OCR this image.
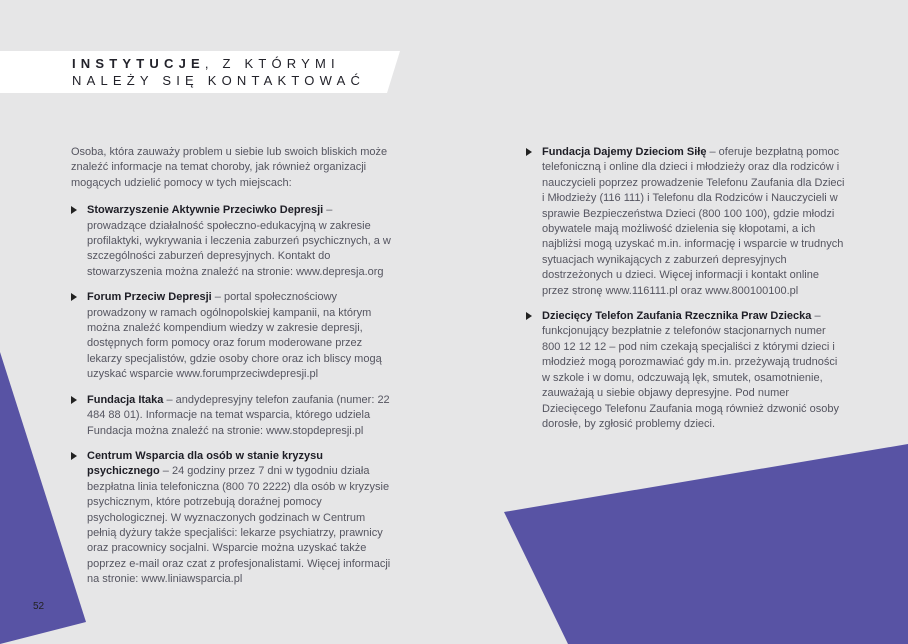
INSTYTUCJE, Z KTÓRYMI
NALEŻY SIĘ KONTAKTOWAĆ

Osoba, która zauważy problem u siebie lub swoich bliskich może znaleźć informacje na temat choroby, jak również organizacji mogących udzielić pomocy w tych miejscach:

Stowarzyszenie Aktywnie Przeciwko Depresji – prowadzące działalność społeczno-edukacyjną w zakresie profilaktyki, wykrywania i leczenia zaburzeń psychicznych, a w szczególności zaburzeń depresyjnych. Kontakt do stowarzyszenia można znaleźć na stronie: www.depresja.org
Forum Przeciw Depresji – portal społecznościowy prowadzony w ramach ogólnopolskiej kampanii, na którym można znaleźć kompendium wiedzy w zakresie depresji, dostępnych form pomocy oraz forum moderowane przez lekarzy specjalistów, gdzie osoby chore oraz ich bliscy mogą uzyskać wsparcie www.forumprzeciwdepresji.pl
Fundacja Itaka – andydepresyjny telefon zaufania (numer: 22 484 88 01). Informacje na temat wsparcia, którego udziela Fundacja można znaleźć na stronie: www.stopdepresji.pl
Centrum Wsparcia dla osób w stanie kryzysu psychicznego – 24 godziny przez 7 dni w tygodniu działa bezpłatna linia telefoniczna (800 70 2222) dla osób w kryzysie psychicznym, które potrzebują doraźnej pomocy psychologicznej. W wyznaczonych godzinach w Centrum pełnią dyżury także specjaliści: lekarze psychiatrzy, prawnicy oraz pracownicy socjalni. Wsparcie można uzyskać także poprzez e-mail oraz czat z profesjonalistami. Więcej informacji na stronie: www.liniawsparcia.pl
Fundacja Dajemy Dzieciom Siłę – oferuje bezpłatną pomoc telefoniczną i online dla dzieci i młodzieży oraz dla rodziców i nauczycieli poprzez prowadzenie Telefonu Zaufania dla Dzieci i Młodzieży (116 111) i Telefonu dla Rodziców i Nauczycieli w sprawie Bezpieczeństwa Dzieci (800 100 100), gdzie młodzi obywatele mają możliwość dzielenia się kłopotami, a ich najbliżsi mogą uzyskać m.in. informację i wsparcie w trudnych sytuacjach wynikających z zaburzeń depresyjnych dostrzeżonych u dzieci. Więcej informacji i kontakt online przez stronę www.116111.pl oraz www.800100100.pl
Dziecięcy Telefon Zaufania Rzecznika Praw Dziecka – funkcjonujący bezpłatnie z telefonów stacjonarnych numer 800 12 12 12 – pod nim czekają specjaliści z którymi dzieci i młodzież mogą porozmawiać gdy m.in. przeżywają trudności w szkole i w domu, odczuwają lęk, smutek, osamotnienie, zauważają u siebie objawy depresyjne. Pod numer Dziecięcego Telefonu Zaufania mogą również dzwonić osoby dorosłe, by zgłosić problemy dzieci.
52
